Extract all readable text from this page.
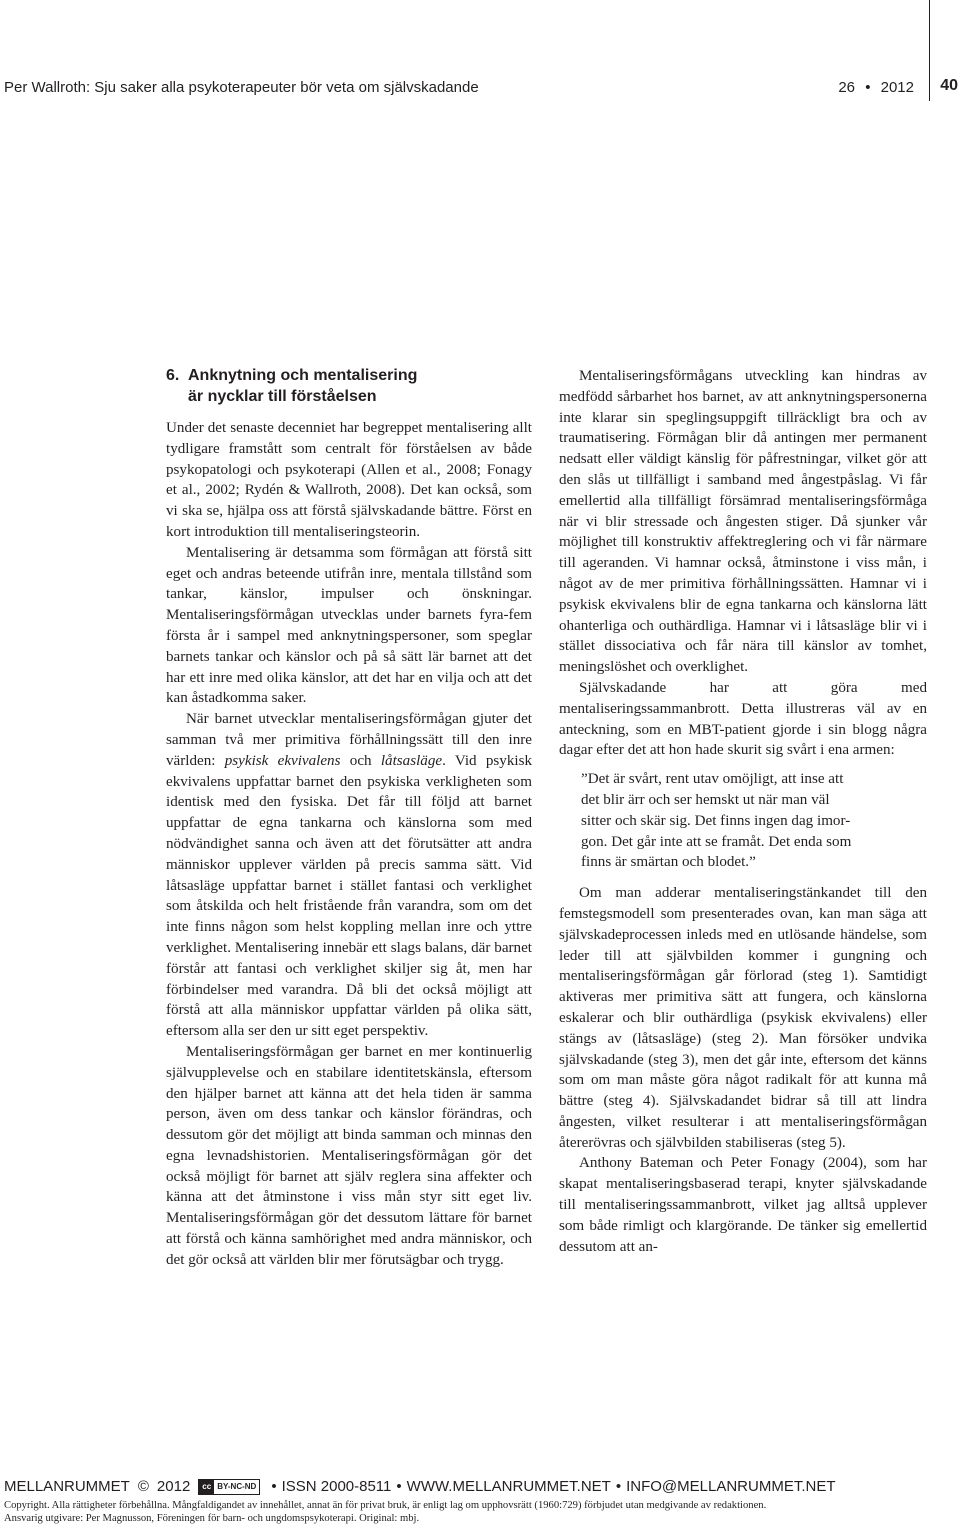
Per Wallroth: Sju saker alla psykoterapeuter bör veta om självskadande	26 • 2012 40
6. Anknytning och mentalisering
är nycklar till förståelsen

Under det senaste decenniet har begreppet mentalisering allt tydligare framstått som centralt för förståelsen av både psykopatologi och psykoterapi (Allen et al., 2008; Fonagy et al., 2002; Rydén & Wallroth, 2008). Det kan också, som vi ska se, hjälpa oss att förstå självskadande bättre. Först en kort introduktion till mentaliseringsteorin.

Mentalisering är detsamma som förmågan att förstå sitt eget och andras beteende utifrån inre, mentala tillstånd som tankar, känslor, impulser och önskningar. Mentaliseringsförmågan utvecklas under barnets fyra-fem första år i sampel med anknytningspersoner, som speglar barnets tankar och känslor och på så sätt lär barnet att det har ett inre med olika känslor, att det har en vilja och att det kan åstadkomma saker.

När barnet utvecklar mentaliseringsförmågan gjuter det samman två mer primitiva förhållningssätt till den inre världen: psykisk ekvivalens och låtsasläge. Vid psykisk ekvivalens uppfattar barnet den psykiska verkligheten som identisk med den fysiska. Det får till följd att barnet uppfattar de egna tankarna och känslorna som med nödvändighet sanna och även att det förutsätter att andra människor upplever världen på precis samma sätt. Vid låtsasläge uppfattar barnet i stället fantasi och verklighet som åtskilda och helt fristående från varandra, som om det inte finns någon som helst koppling mellan inre och yttre verklighet. Mentalisering innebär ett slags balans, där barnet förstår att fantasi och verklighet skiljer sig åt, men har förbindelser med varandra. Då bli det också möjligt att förstå att alla människor uppfattar världen på olika sätt, eftersom alla ser den ur sitt eget perspektiv.

Mentaliseringsförmågan ger barnet en mer kontinuerlig självupplevelse och en stabilare identitetskänsla, eftersom den hjälper barnet att känna att det hela tiden är samma person, även om dess tankar och känslor förändras, och dessutom gör det möjligt att binda samman och minnas den egna levnadshistorien. Mentaliseringsförmågan gör det också möjligt för barnet att själv reglera sina affekter och känna att det åtminstone i viss mån styr sitt eget liv. Mentaliseringsförmågan gör det dessutom lättare för barnet att förstå och känna samhörighet med andra människor, och det gör också att världen blir mer förutsägbar och trygg.

Mentaliseringsförmågans utveckling kan hindras av medfödd sårbarhet hos barnet, av att anknytningspersonerna inte klarar sin speglingsuppgift tillräckligt bra och av traumatisering. Förmågan blir då antingen mer permanent nedsatt eller väldigt känslig för påfrestningar, vilket gör att den slås ut tillfälligt i samband med ångestpåslag. Vi får emellertid alla tillfälligt försämrad mentaliseringsförmåga när vi blir stressade och ångesten stiger. Då sjunker vår möjlighet till konstruktiv affektreglering och vi får närmare till ageranden. Vi hamnar också, åtminstone i viss mån, i något av de mer primitiva förhållningssätten. Hamnar vi i psykisk ekvivalens blir de egna tankarna och känslorna lätt ohanterliga och outhärdliga. Hamnar vi i låtsasläge blir vi i stället dissociativa och får nära till känslor av tomhet, meningslöshet och overklighet.

Självskadande har att göra med mentaliseringssammanbrott. Detta illustreras väl av en anteckning, som en MBT-patient gjorde i sin blogg några dagar efter det att hon hade skurit sig svårt i ena armen:

”Det är svårt, rent utav omöjligt, att inse att
det blir ärr och ser hemskt ut när man väl
sitter och skär sig. Det finns ingen dag imor-
gon. Det går inte att se framåt. Det enda som
finns är smärtan och blodet.”

Om man adderar mentaliseringstänkandet till den femstegsmodell som presenterades ovan, kan man säga att självskadeprocessen inleds med en utlösande händelse, som leder till att självbilden kommer i gungning och mentaliseringsförmågan går förlorad (steg 1). Samtidigt aktiveras mer primitiva sätt att fungera, och känslorna eskalerar och blir outhärdliga (psykisk ekvivalens) eller stängs av (låtsasläge) (steg 2). Man försöker undvika självskadande (steg 3), men det går inte, eftersom det känns som om man måste göra något radikalt för att kunna må bättre (steg 4). Självskadandet bidrar så till att lindra ångesten, vilket resulterar i att mentaliseringsförmågan återerövras och självbilden stabiliseras (steg 5).

Anthony Bateman och Peter Fonagy (2004), som har skapat mentaliseringsbaserad terapi, knyter självskadande till mentaliseringssammanbrott, vilket jag alltså upplever som både rimligt och klargörande. De tänker sig emellertid dessutom att an-

MELLANRUMMET © 2012	cc BY-NC-ND • ISSN 2000-8511 • WWW.MELLANRUMMET.NET • INFO@MELLANRUMMET.NET
Copyright. Alla rättigheter förbehållna. Mångfaldigandet av innehållet, annat än för privat bruk, är enligt lag om upphovsrätt (1960:729) förbjudet utan medgivande av redaktionen.
Ansvarig utgivare: Per Magnusson, Föreningen för barn- och ungdomspsykoterapi. Original: mbj.
